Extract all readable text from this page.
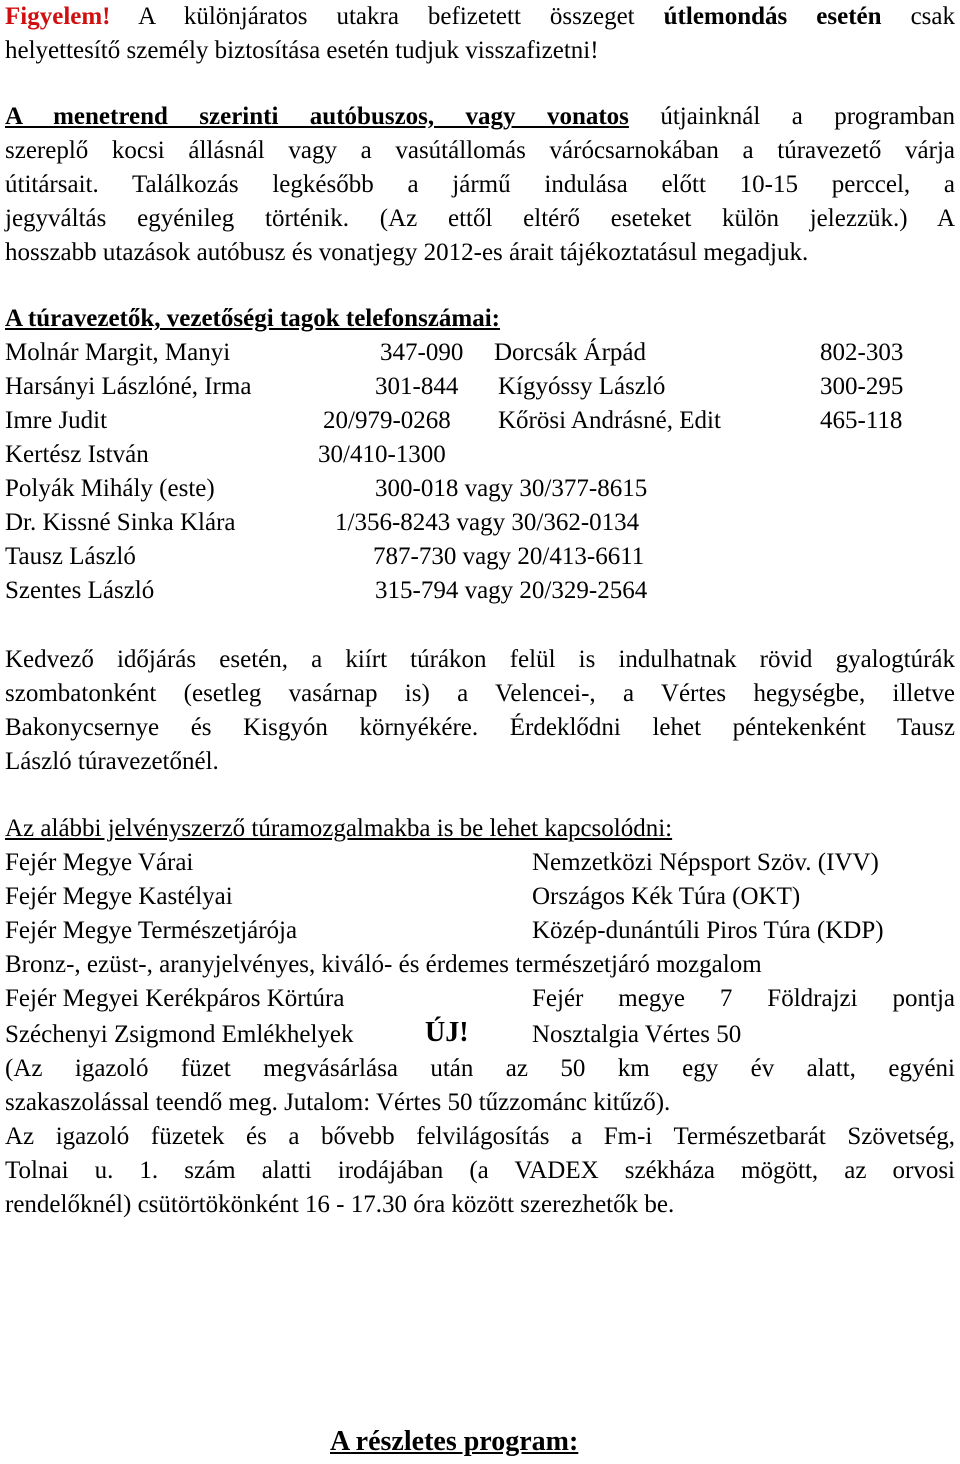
Figyelem! A különjáratos utakra befizetett összeget útlemondás esetén csak
helyettesítő személy biztosítása esetén tudjuk visszafizetni!
A menetrend szerinti autóbuszos, vagy vonatos útjainknál a programban
szereplő kocsi állásnál vagy a vasútállomás várócsarnokában a túravezető várja
útitársait. Találkozás legkésőbb a jármű indulása előtt 10-15 perccel, a
jegyváltás egyénileg történik. (Az ettől eltérő eseteket külön jelezzük.) A
hosszabb utazások autóbusz és vonatjegy 2012-es árait tájékoztatásul megadjuk.
A túravezetők, vezetőségi tagok telefonszámai:
Molnár Margit, Manyi	347-090 Dorcsák Árpád	802-303
Harsányi Lászlóné, Irma	301-844 Kígyóssy László	300-295
Imre Judit	20/979-0268 Kőrösi Andrásné, Edit	465-118
Kertész István	30/410-1300
Polyák Mihály (este)	300-018 vagy 30/377-8615
Dr. Kissné Sinka Klára	1/356-8243 vagy 30/362-0134
Tausz László	787-730 vagy 20/413-6611
Szentes László	315-794 vagy 20/329-2564
Kedvező időjárás esetén, a kiírt túrákon felül is indulhatnak rövid gyalogtúrák
szombatonként (esetleg vasárnap is) a Velencei-, a Vértes hegységbe, illetve
Bakonycsernye és Kisgyón környékére. Érdeklődni lehet péntekenként Tausz
László túravezetőnél.
Az alábbi jelvényszerző túramozgalmakba is be lehet kapcsolódni:
Fejér Megye Várai	Nemzetközi Népsport Szöv. (IVV)
Fejér Megye Kastélyai	Országos Kék Túra (OKT)
Fejér Megye Természetjárója	Közép-dunántúli Piros Túra (KDP)
Bronz-, ezüst-, aranyjelvényes, kiváló- és érdemes természetjáró mozgalom
Fejér Megyei Kerékpáros Körtúra	Fejér megye 7 Földrajzi pontja
Széchenyi Zsigmond Emlékhelyek	ÚJ!	Nosztalgia Vértes 50
(Az igazoló füzet megvásárlása után az 50 km egy év alatt, egyéni
szakaszolással teendő meg. Jutalom: Vértes 50 tűzzománc kitűző).
Az igazoló füzetek és a bővebb felvilágosítás a Fm-i Természetbarát Szövetség,
Tolnai u. 1. szám alatti irodájában (a VADEX székháza mögött, az orvosi
rendelőknél) csütörtökönként 16 - 17.30 óra között szerezhetők be.
A részletes program:
